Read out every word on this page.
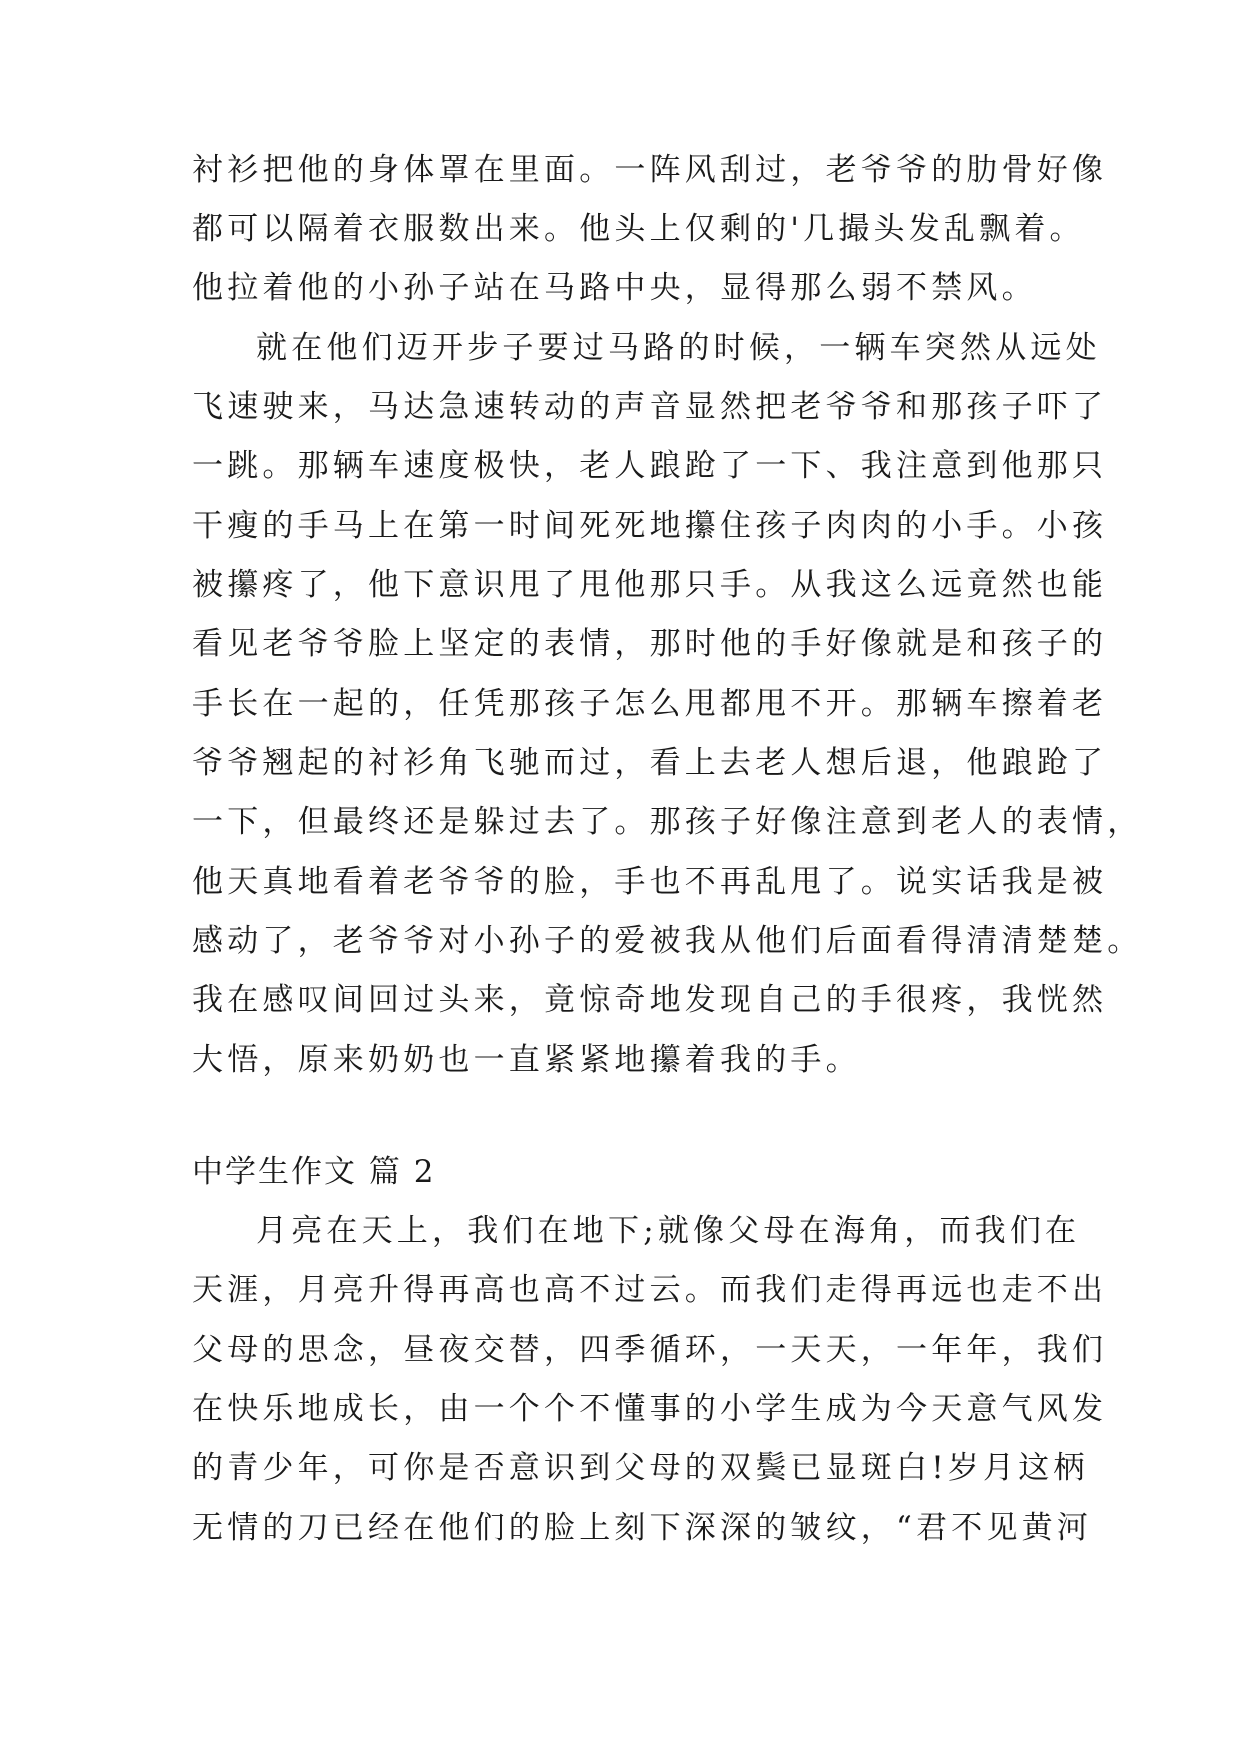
衬衫把他的身体罩在里面。一阵风刮过，老爷爷的肋骨好像
都可以隔着衣服数出来。他头上仅剩的'几撮头发乱飘着。
他拉着他的小孙子站在马路中央，显得那么弱不禁风。
就在他们迈开步子要过马路的时候，一辆车突然从远处
飞速驶来，马达急速转动的声音显然把老爷爷和那孩子吓了
一跳。那辆车速度极快，老人踉跄了一下、我注意到他那只
干瘦的手马上在第一时间死死地攥住孩子肉肉的小手。小孩
被攥疼了，他下意识甩了甩他那只手。从我这么远竟然也能
看见老爷爷脸上坚定的表情，那时他的手好像就是和孩子的
手长在一起的，任凭那孩子怎么甩都甩不开。那辆车擦着老
爷爷翘起的衬衫角飞驰而过，看上去老人想后退，他踉跄了
一下，但最终还是躲过去了。那孩子好像注意到老人的表情，
他天真地看着老爷爷的脸，手也不再乱甩了。说实话我是被
感动了，老爷爷对小孙子的爱被我从他们后面看得清清楚楚。
我在感叹间回过头来，竟惊奇地发现自己的手很疼，我恍然
大悟，原来奶奶也一直紧紧地攥着我的手。
中学生作文 篇 2
月亮在天上，我们在地下;就像父母在海角，而我们在
天涯，月亮升得再高也高不过云。而我们走得再远也走不出
父母的思念，昼夜交替，四季循环，一天天，一年年，我们
在快乐地成长，由一个个不懂事的小学生成为今天意气风发
的青少年，可你是否意识到父母的双鬓已显斑白!岁月这柄
无情的刀已经在他们的脸上刻下深深的皱纹，“君不见黄河
